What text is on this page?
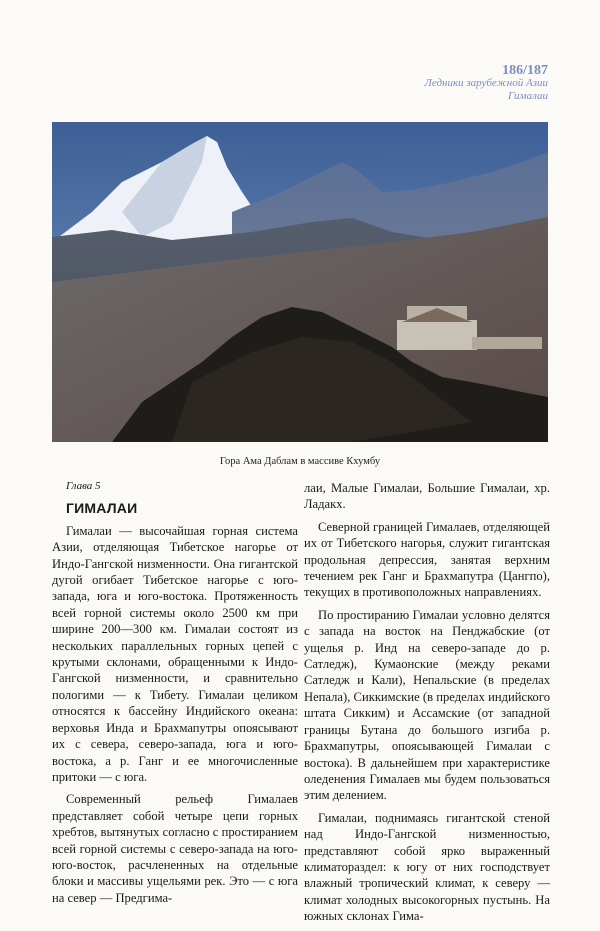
186/187
Ледники зарубежной Азии
Гималаи
Гора Ама Даблам в массиве Кхумбу

Глава 5

ГИМАЛАИ

Гималаи — высочайшая горная система Азии, отделяющая Тибетское нагорье от Индо-Гангской низменности. Она гигантской дугой огибает Тибетское нагорье с юго-запада, юга и юго-востока. Протяженность всей горной системы около 2500 км при ширине 200—300 км. Гималаи состоят из нескольких параллельных горных цепей с крутыми склонами, обращенными к Индо-Гангской низменности, и сравнительно пологими — к Тибету. Гималаи целиком относятся к бассейну Индийского океана: верховья Инда и Брахмапутры опоясывают их с севера, северо-запада, юга и юго-востока, а р. Ганг и ее многочисленные притоки — с юга.

Современный рельеф Гималаев представляет собой четыре цепи горных хребтов, вытянутых согласно с простиранием всей горной системы с северо-запада на юго-юго-восток, расчлененных на отдельные блоки и массивы ущельями рек. Это — с юга на север — Предгима-

лаи, Малые Гималаи, Большие Гималаи, хр. Ладакх.

Северной границей Гималаев, отделяющей их от Тибетского нагорья, служит гигантская продольная депрессия, занятая верхним течением рек Ганг и Брахмапутра (Цангпо), текущих в противоположных направлениях.

По простиранию Гималаи условно делятся с запада на восток на Пенджабские (от ущелья р. Инд на северо-западе до р. Сатледж), Кумаонские (между реками Сатледж и Кали), Непальские (в пределах Непала), Сиккимские (в пределах индийского штата Сикким) и Ассамские (от западной границы Бутана до большого изгиба р. Брахмапутры, опоясывающей Гималаи с востока). В дальнейшем при характеристике оледенения Гималаев мы будем пользоваться этим делением.

Гималаи, поднимаясь гигантской стеной над Индо-Гангской низменностью, представляют собой ярко выраженный климатораздел: к югу от них господствует влажный тропический климат, к северу — климат холодных высокогорных пустынь. На южных склонах Гима-
